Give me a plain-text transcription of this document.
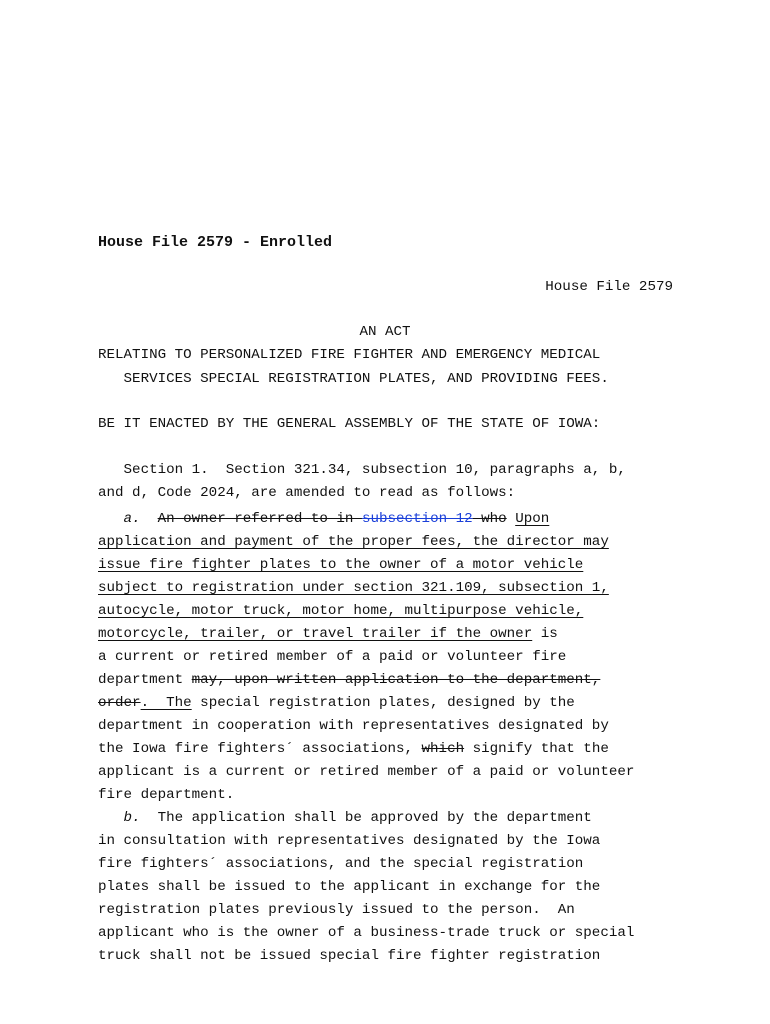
House File 2579 - Enrolled
House File 2579
AN ACT
RELATING TO PERSONALIZED FIRE FIGHTER AND EMERGENCY MEDICAL
SERVICES SPECIAL REGISTRATION PLATES, AND PROVIDING FEES.
BE IT ENACTED BY THE GENERAL ASSEMBLY OF THE STATE OF IOWA:
Section 1.  Section 321.34, subsection 10, paragraphs a, b,
and d, Code 2024, are amended to read as follows:
a. An owner referred to in subsection 12 who Upon
application and payment of the proper fees, the director may
issue fire fighter plates to the owner of a motor vehicle
subject to registration under section 321.109, subsection 1,
autocycle, motor truck, motor home, multipurpose vehicle,
motorcycle, trailer, or travel trailer if the owner is
a current or retired member of a paid or volunteer fire
department may, upon written application to the department,
order.  The special registration plates, designed by the
department in cooperation with representatives designated by
the Iowa fire fighters´ associations, which signify that the
applicant is a current or retired member of a paid or volunteer
fire department.
b.  The application shall be approved by the department
in consultation with representatives designated by the Iowa
fire fighters´ associations, and the special registration
plates shall be issued to the applicant in exchange for the
registration plates previously issued to the person.  An
applicant who is the owner of a business-trade truck or special
truck shall not be issued special fire fighter registration
